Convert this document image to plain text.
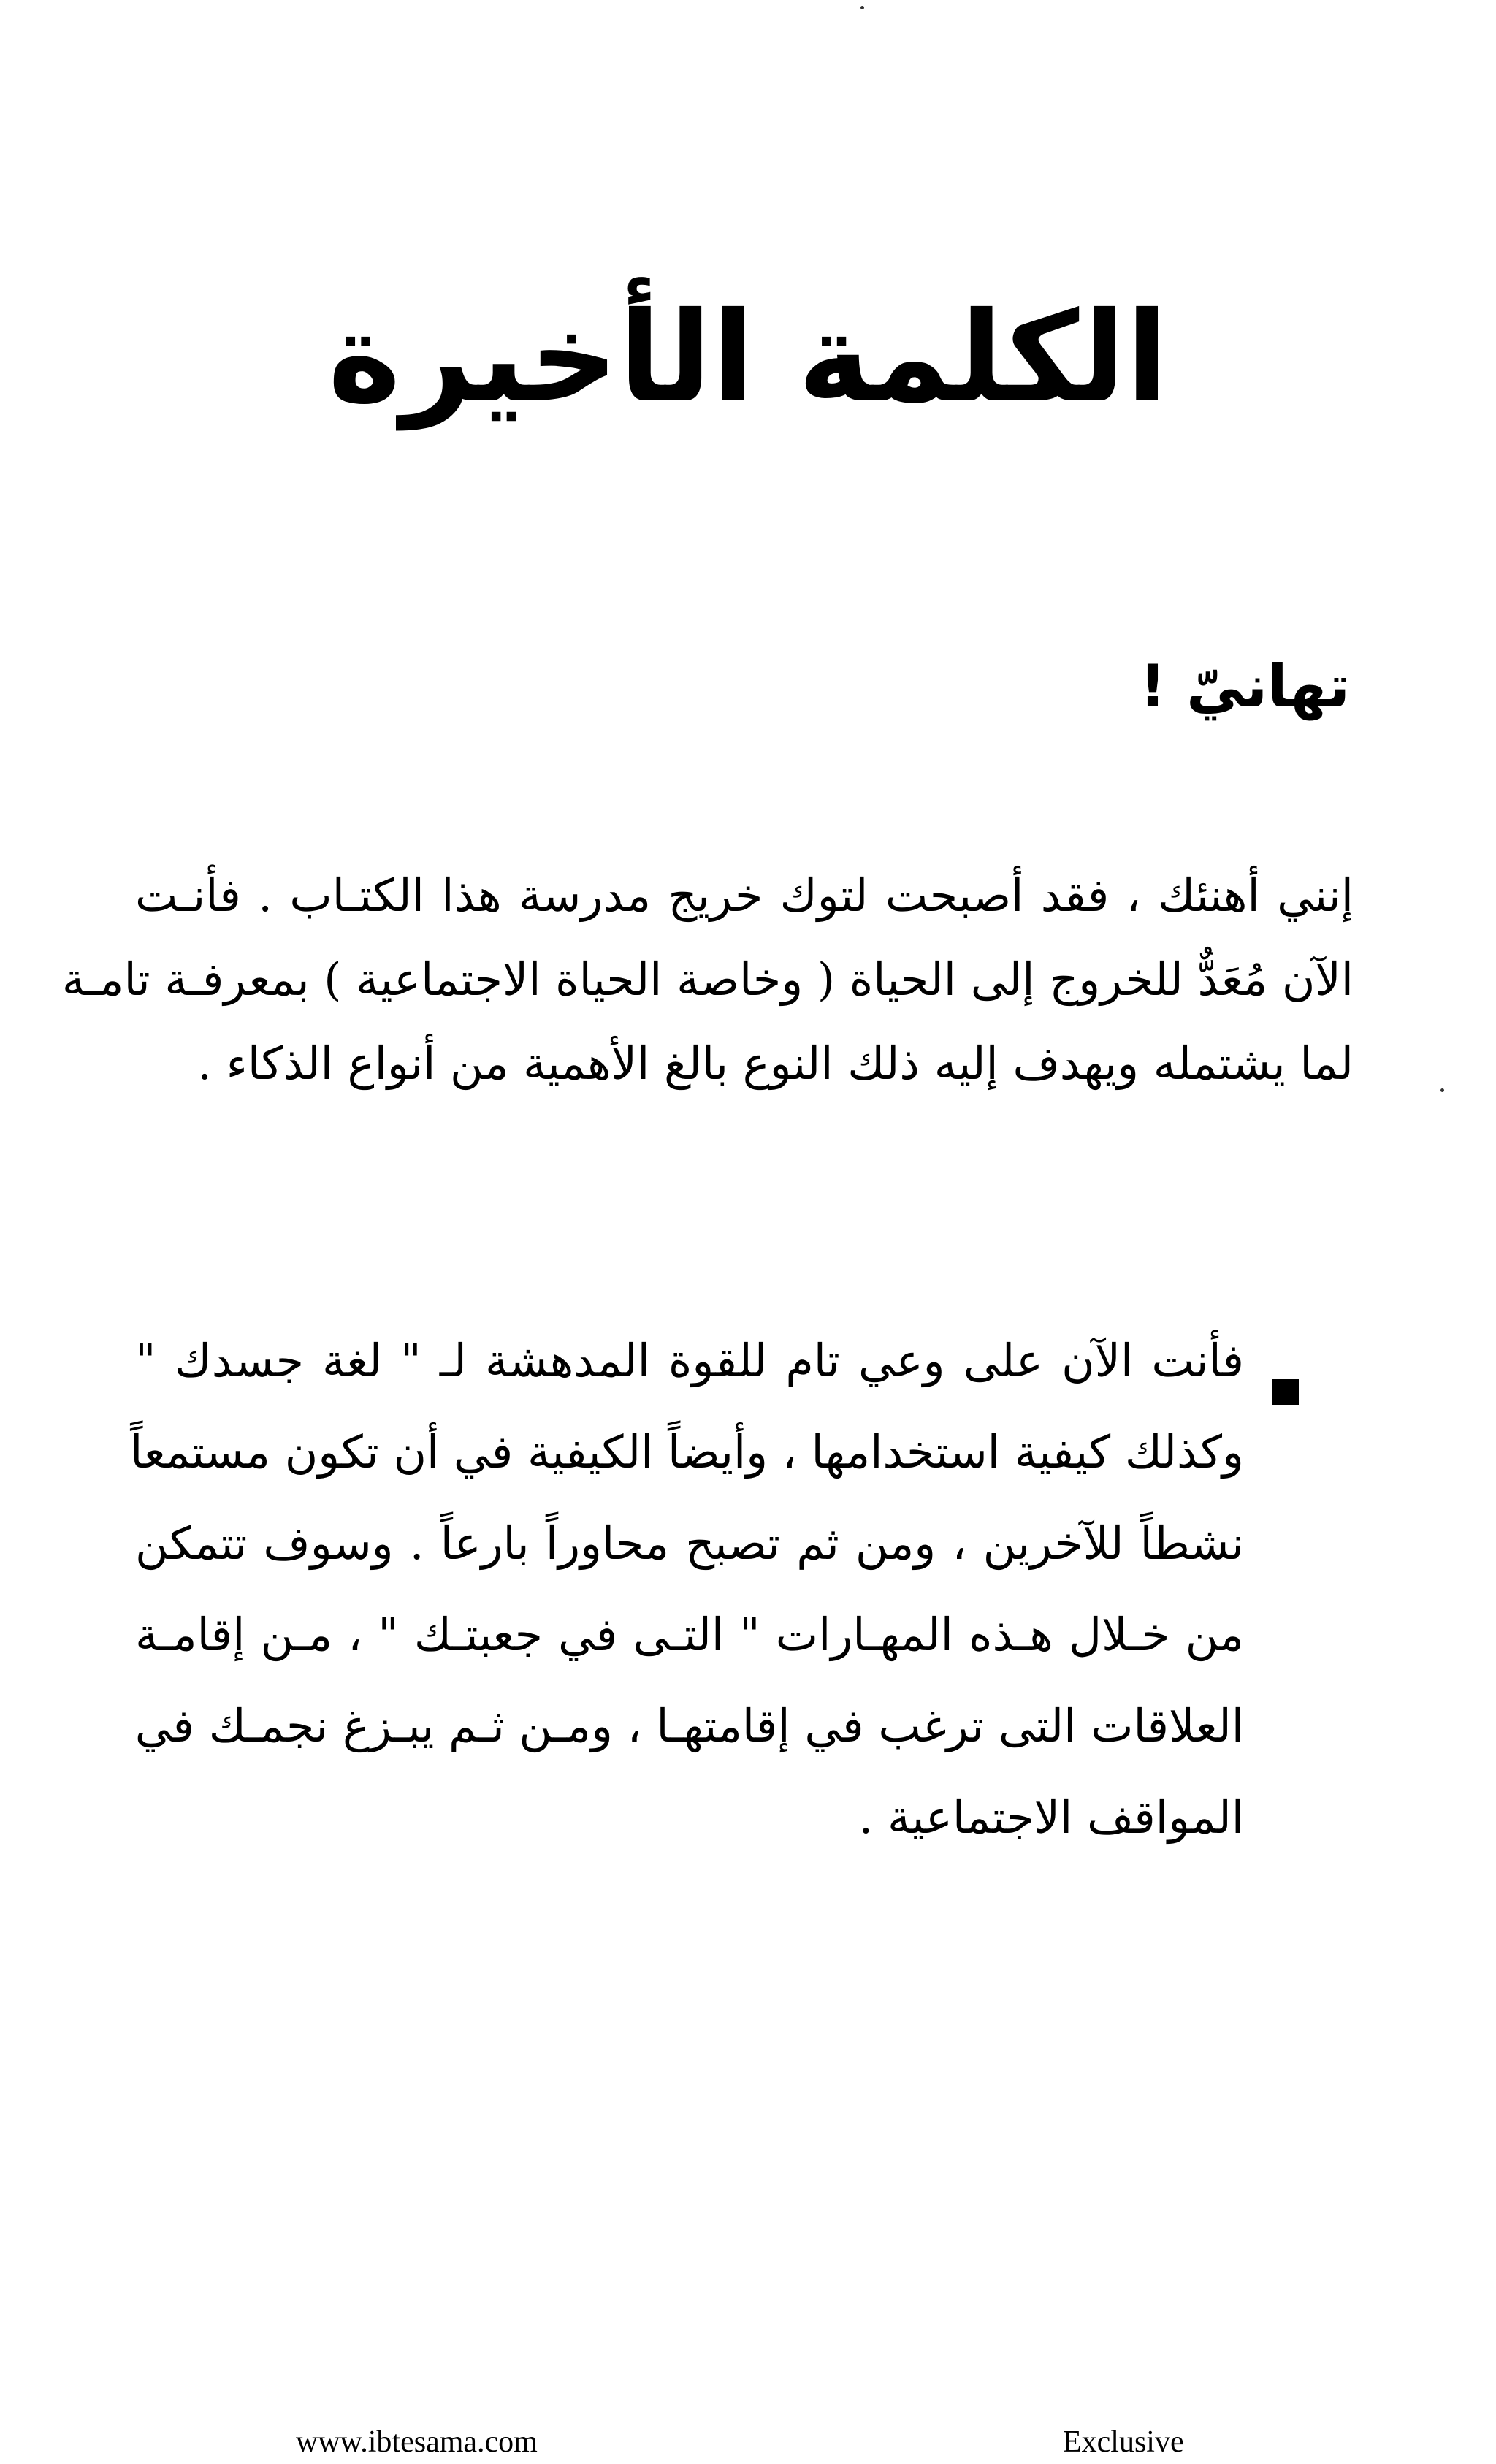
الكلمة الأخيرة
تهانيّ !
إنني أهنئك ، فقد أصبحت لتوك خريج مدرسة هذا الكتـاب . فأنـت
الآن مُعَدٌّ للخروج إلى الحياة ( وخاصة الحياة الاجتماعية ) بمعرفـة تامـة
لما يشتمله ويهدف إليه ذلك النوع بالغ الأهمية من أنواع الذكاء .
فأنت الآن على وعي تام للقوة المدهشة لـ " لغة جسدك "
وكذلك كيفية استخدامها ، وأيضاً الكيفية في أن تكون مستمعاً
نشطاً للآخرين ، ومن ثم تصبح محاوراً بارعاً . وسوف تتمكن
من خـلال هـذه المهـارات " التـى في جعبتـك " ، مـن إقامـة
العلاقات التى ترغب في إقامتهـا ، ومـن ثـم يبـزغ نجمـك في
المواقف الاجتماعية .
www.ibtesama.com	Exclusive
